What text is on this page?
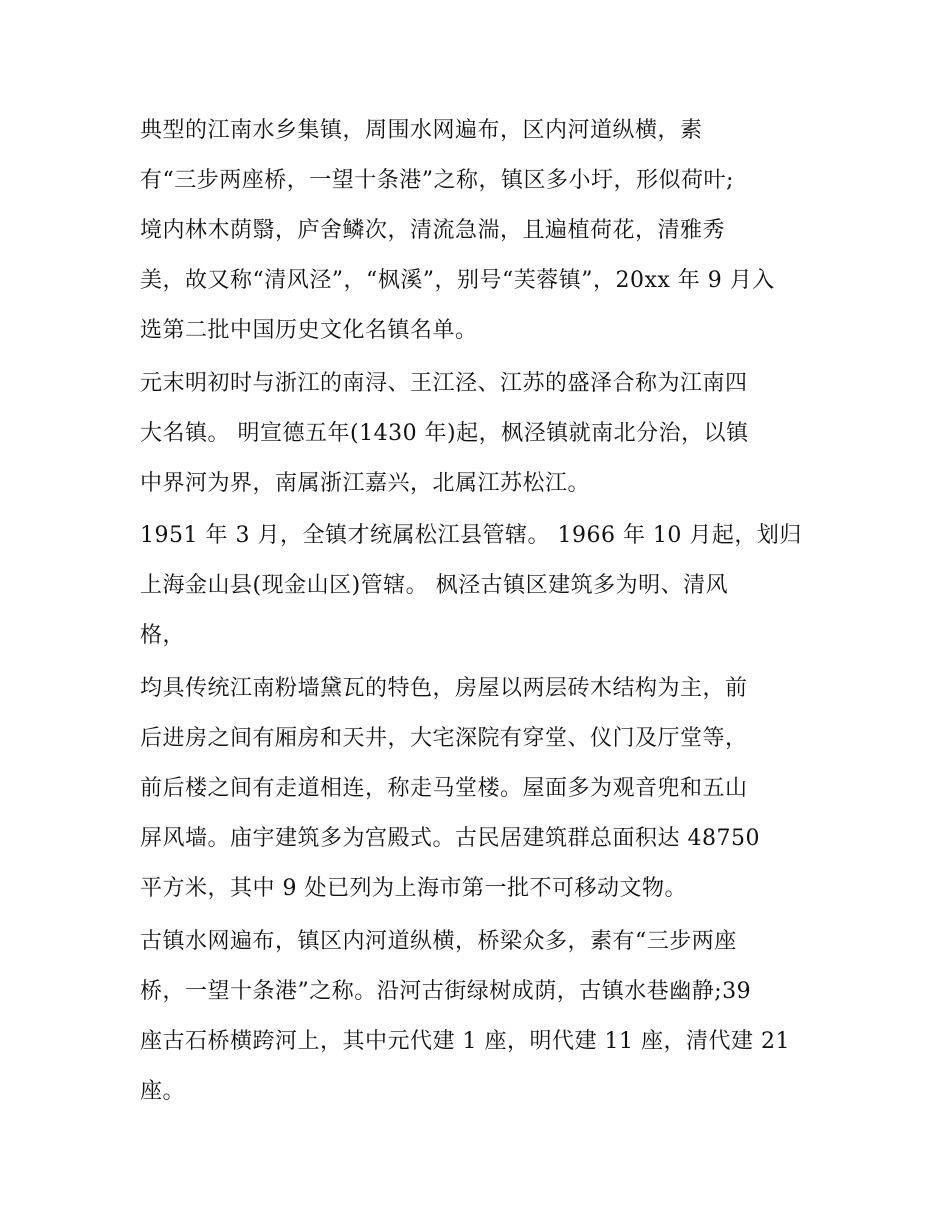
典型的江南水乡集镇，周围水网遍布，区内河道纵横，素
有“三步两座桥，一望十条港”之称，镇区多小圩，形似荷叶;
境内林木荫翳，庐舍鳞次，清流急湍，且遍植荷花，清雅秀
美，故又称“清风泾”，“枫溪”，别号“芙蓉镇”，20xx 年 9 月入
选第二批中国历史文化名镇名单。
元末明初时与浙江的南浔、王江泾、江苏的盛泽合称为江南四
大名镇。 明宣德五年(1430 年)起，枫泾镇就南北分治，以镇
中界河为界，南属浙江嘉兴，北属江苏松江。
1951 年 3 月，全镇才统属松江县管辖。 1966 年 10 月起，划归
上海金山县(现金山区)管辖。 枫泾古镇区建筑多为明、清风
格，
均具传统江南粉墙黛瓦的特色，房屋以两层砖木结构为主，前
后进房之间有厢房和天井，大宅深院有穿堂、仪门及厅堂等，
前后楼之间有走道相连，称走马堂楼。屋面多为观音兜和五山
屏风墙。庙宇建筑多为宫殿式。古民居建筑群总面积达 48750
平方米，其中 9 处已列为上海市第一批不可移动文物。
古镇水网遍布，镇区内河道纵横，桥梁众多，素有“三步两座
桥，一望十条港”之称。沿河古街绿树成荫，古镇水巷幽静;39
座古石桥横跨河上，其中元代建 1 座，明代建 11 座，清代建 21
座。
